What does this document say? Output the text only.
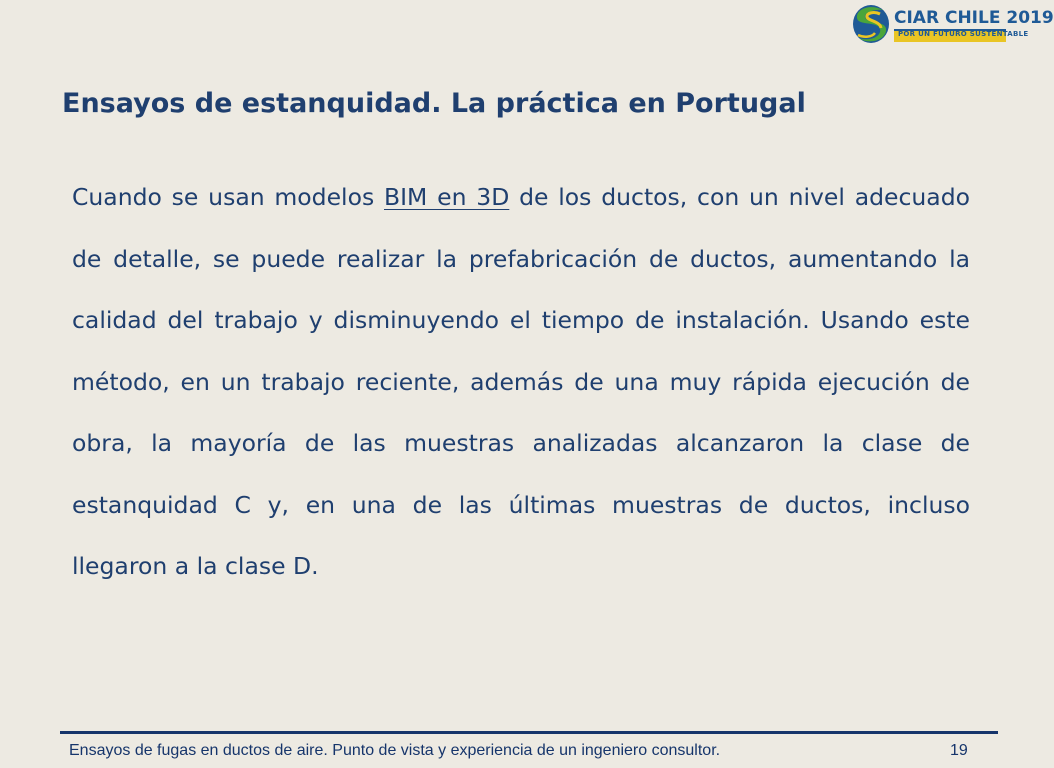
CIAR CHILE 2019
POR UN FUTURO SUSTENTABLE
Ensayos de estanquidad. La práctica en Portugal

Cuando se usan modelos BIM en 3D de los ductos, con un nivel adecuado de detalle, se puede realizar la prefabricación de ductos, aumentando la calidad del trabajo y disminuyendo el tiempo de instalación. Usando este método, en un trabajo reciente, además de una muy rápida ejecución de obra, la mayoría de las muestras analizadas alcanzaron la clase de estanquidad C y, en una de las últimas muestras de ductos, incluso llegaron a la clase D.

Ensayos de fugas en ductos de aire. Punto de vista y experiencia de un ingeniero consultor.	19
